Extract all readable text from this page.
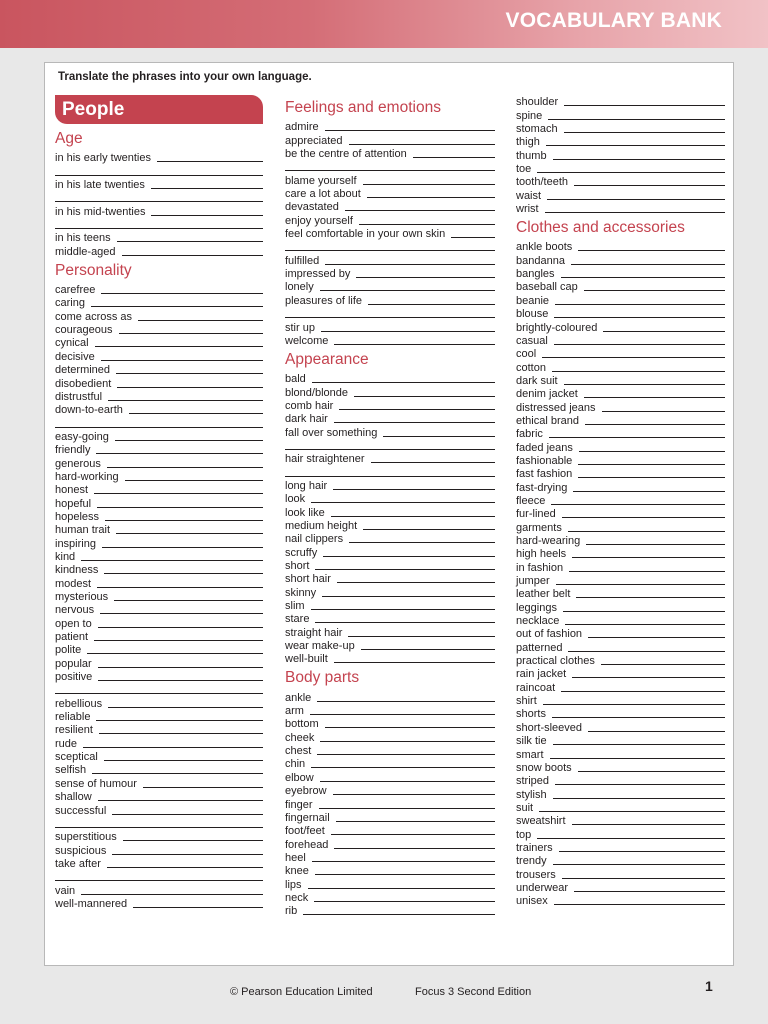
VOCABULARY BANK
Translate the phrases into your own language.
People
Age
in his early twenties
in his late twenties
in his mid-twenties
in his teens
middle-aged
Personality
carefree
caring
come across as
courageous
cynical
decisive
determined
disobedient
distrustful
down-to-earth
easy-going
friendly
generous
hard-working
honest
hopeful
hopeless
human trait
inspiring
kind
kindness
modest
mysterious
nervous
open to
patient
polite
popular
positive
rebellious
reliable
resilient
rude
sceptical
selfish
sense of humour
shallow
successful
superstitious
suspicious
take after
vain
well-mannered
Feelings and emotions
admire
appreciated
be the centre of attention
blame yourself
care a lot about
devastated
enjoy yourself
feel comfortable in your own skin
fulfilled
impressed by
lonely
pleasures of life
stir up
welcome
Appearance
bald
blond/blonde
comb hair
dark hair
fall over something
hair straightener
long hair
look
look like
medium height
nail clippers
scruffy
short
short hair
skinny
slim
stare
straight hair
wear make-up
well-built
Body parts
ankle
arm
bottom
cheek
chest
chin
elbow
eyebrow
finger
fingernail
foot/feet
forehead
heel
knee
lips
neck
rib
shoulder
spine
stomach
thigh
thumb
toe
tooth/teeth
waist
wrist
Clothes and accessories
ankle boots
bandanna
bangles
baseball cap
beanie
blouse
brightly-coloured
casual
cool
cotton
dark suit
denim jacket
distressed jeans
ethical brand
fabric
faded jeans
fashionable
fast fashion
fast-drying
fleece
fur-lined
garments
hard-wearing
high heels
in fashion
jumper
leather belt
leggings
necklace
out of fashion
patterned
practical clothes
rain jacket
raincoat
shirt
shorts
short-sleeved
silk tie
smart
snow boots
striped
stylish
suit
sweatshirt
top
trainers
trendy
trousers
underwear
unisex
© Pearson Education Limited	Focus 3 Second Edition	1
